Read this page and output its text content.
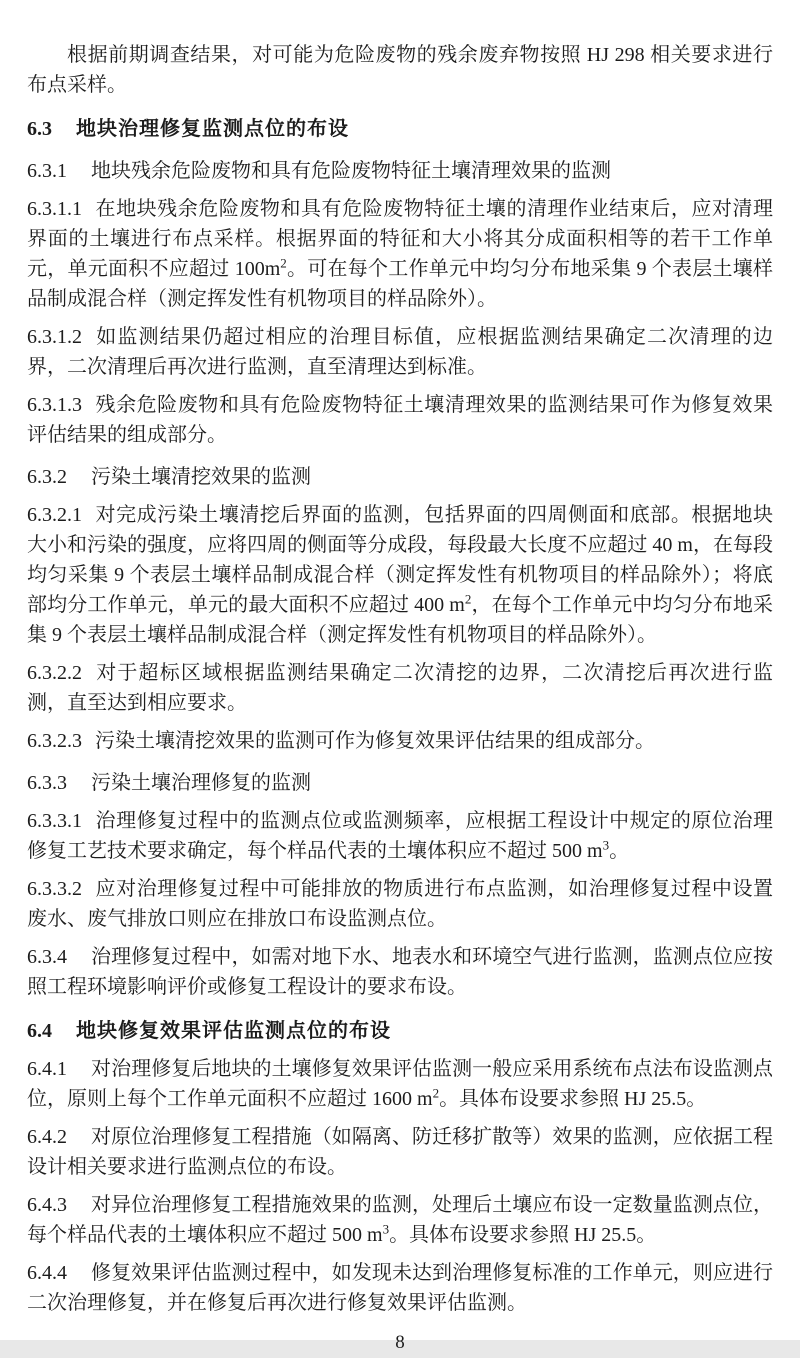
根据前期调查结果，对可能为危险废物的残余废弃物按照 HJ 298 相关要求进行布点采样。

6.3 地块治理修复监测点位的布设

6.3.1 地块残余危险废物和具有危险废物特征土壤清理效果的监测

6.3.1.1 在地块残余危险废物和具有危险废物特征土壤的清理作业结束后，应对清理界面的土壤进行布点采样。根据界面的特征和大小将其分成面积相等的若干工作单元，单元面积不应超过 $100m^2$。可在每个工作单元中均匀分布地采集 9 个表层土壤样品制成混合样（测定挥发性有机物项目的样品除外）。

6.3.1.2 如监测结果仍超过相应的治理目标值，应根据监测结果确定二次清理的边界，二次清理后再次进行监测，直至清理达到标准。

6.3.1.3 残余危险废物和具有危险废物特征土壤清理效果的监测结果可作为修复效果评估结果的组成部分。

6.3.2 污染土壤清挖效果的监测

6.3.2.1 对完成污染土壤清挖后界面的监测，包括界面的四周侧面和底部。根据地块大小和污染的强度，应将四周的侧面等分成段，每段最大长度不应超过 40 m，在每段均匀采集 9 个表层土壤样品制成混合样（测定挥发性有机物项目的样品除外）；将底部均分工作单元，单元的最大面积不应超过 400 $m^2$，在每个工作单元中均匀分布地采集 9 个表层土壤样品制成混合样（测定挥发性有机物项目的样品除外）。

6.3.2.2 对于超标区域根据监测结果确定二次清挖的边界，二次清挖后再次进行监测，直至达到相应要求。

6.3.2.3 污染土壤清挖效果的监测可作为修复效果评估结果的组成部分。

6.3.3 污染土壤治理修复的监测

6.3.3.1 治理修复过程中的监测点位或监测频率，应根据工程设计中规定的原位治理修复工艺技术要求确定，每个样品代表的土壤体积应不超过 500 $m^3$。

6.3.3.2 应对治理修复过程中可能排放的物质进行布点监测，如治理修复过程中设置废水、废气排放口则应在排放口布设监测点位。

6.3.4 治理修复过程中，如需对地下水、地表水和环境空气进行监测，监测点位应按照工程环境影响评价或修复工程设计的要求布设。

6.4 地块修复效果评估监测点位的布设

6.4.1 对治理修复后地块的土壤修复效果评估监测一般应采用系统布点法布设监测点位，原则上每个工作单元面积不应超过 1600 $m^2$。具体布设要求参照 HJ 25.5。

6.4.2 对原位治理修复工程措施（如隔离、防迁移扩散等）效果的监测，应依据工程设计相关要求进行监测点位的布设。

6.4.3 对异位治理修复工程措施效果的监测，处理后土壤应布设一定数量监测点位，每个样品代表的土壤体积应不超过 500 $m^3$。具体布设要求参照 HJ 25.5。

6.4.4 修复效果评估监测过程中，如发现未达到治理修复标准的工作单元，则应进行二次治理修复，并在修复后再次进行修复效果评估监测。

8
